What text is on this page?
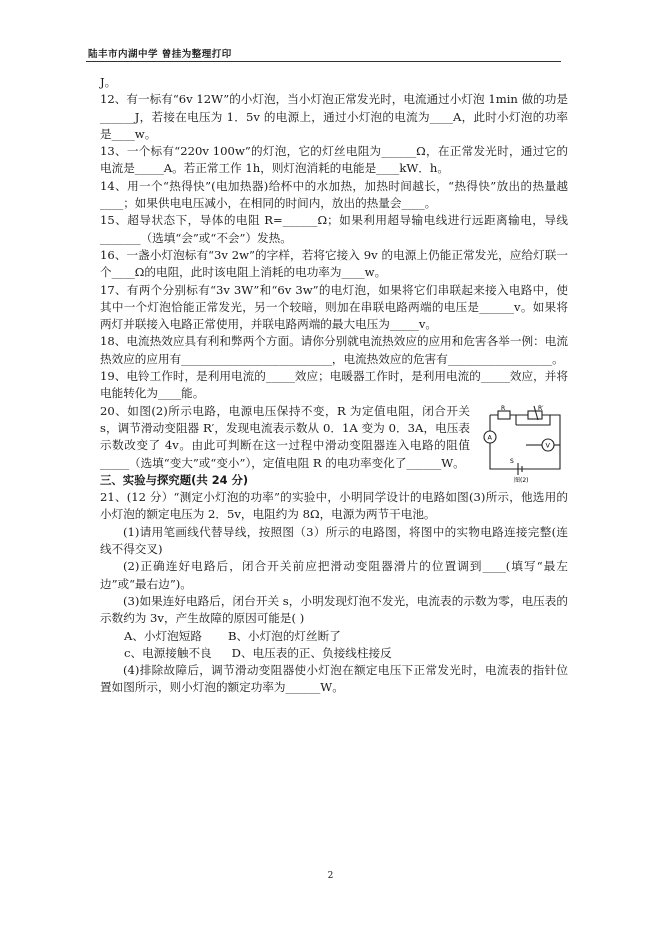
陆丰市内湖中学 曾挂为整理打印

J。

12、有一标有“6v 12W”的小灯泡，当小灯泡正常发光时，电流通过小灯泡 1min 做的功是______J，若接在电压为 1．5v 的电源上，通过小灯泡的电流为____A，此时小灯泡的功率是____w。

13、一个标有“220v 100w”的灯泡，它的灯丝电阻为______Ω，在正常发光时，通过它的电流是_____A。若正常工作 1h，则灯泡消耗的电能是____kW．h。

14、用一个“热得快”(电加热器)给杯中的水加热，加热时间越长，“热得快”放出的热量越____；如果供电电压减小，在相同的时间内，放出的热量会____。

15、超导状态下，导体的电阻 R=______Ω；如果利用超导输电线进行远距离输电，导线_______（选填“会”或“不会”）发热。

16、一盏小灯泡标有“3v 2w”的字样，若将它接入 9v 的电源上仍能正常发光，应给灯联一个____Ω的电阻，此时该电阻上消耗的电功率为____w。

17、有两个分别标有“3v 3W”和“6v 3w”的电灯泡，如果将它们串联起来接入电路中，使其中一个灯泡恰能正常发光，另一个较暗，则加在串联电路两端的电压是______v。如果将两灯并联接入电路正常使用，并联电路两端的最大电压为_____v。

18、电流热效应具有利和弊两个方面。请你分别就电流热效应的应用和危害各举一例：电流热效应的应用有__________________________，电流热效应的危害有__________________。

19、电铃工作时，是利用电流的_____效应；电暖器工作时，是利用电流的_____效应，并将电能转化为____能。

20、如图(2)所示电路，电源电压保持不变，R 为定值电阻，闭合开关 s，调节滑动变阻器 R′，发现电流表示数从 0．1A 变为 0．3A，电压表示数改变了 4v。由此可判断在这一过程中滑动变阻器连入电路的阻值_____（选填“变大”或“变小”），定值电阻 R 的电功率变化了______W。

R	R′
A
V
S
图(2)

三、实验与探究题(共 24 分)

21、(12 分）“测定小灯泡的功率”的实验中，小明同学设计的电路如图(3)所示，他选用的小灯泡的额定电压为 2．5v，电阻约为 8Ω，电源为两节干电池。

(1)请用笔画线代替导线，按照图（3）所示的电路图，将图中的实物电路连接完整(连线不得交叉)

(2)正确连好电路后，闭合开关前应把滑动变阻器滑片的位置调到____(填写“最左边”或“最右边”)。

(3)如果连好电路后，闭台开关 s，小明发现灯泡不发光，电流表的示数为零，电压表的示数约为 3v，产生故障的原因可能是( )

A、小灯泡短路 B、小灯泡的灯丝断了

c、电源接触不良 D、电压表的正、负接线柱接反

(4)排除故障后，调节滑动变阻器使小灯泡在额定电压下正常发光时，电流表的指针位置如图所示，则小灯泡的额定功率为______W。

2
